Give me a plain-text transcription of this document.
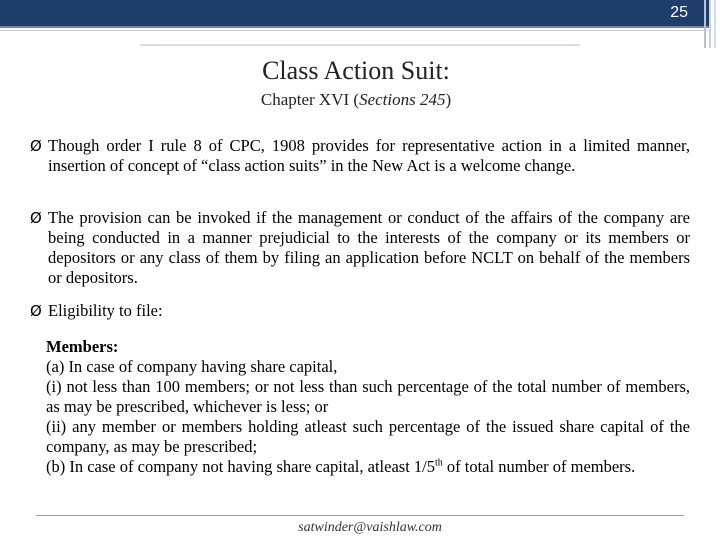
25
Class Action Suit:
Chapter XVI (Sections 245)
Ø Though order I rule 8 of CPC, 1908 provides for representative action in a limited manner, insertion of concept of “class action suits” in the New Act is a welcome change.
Ø The provision can be invoked if the management or conduct of the affairs of the company are being conducted in a manner prejudicial to the interests of the company or its members or depositors or any class of them by filing an application before NCLT on behalf of the members or depositors.
Ø Eligibility to file:

Members:

(a) In case of company having share capital,

(i) not less than 100 members; or not less than such percentage of the total number of members, as may be prescribed, whichever is less; or

(ii) any member or members holding atleast such percentage of the issued share capital of the company, as may be prescribed;

(b) In case of company not having share capital, atleast 1/5th of total number of members.

satwinder@vaishlaw.com
